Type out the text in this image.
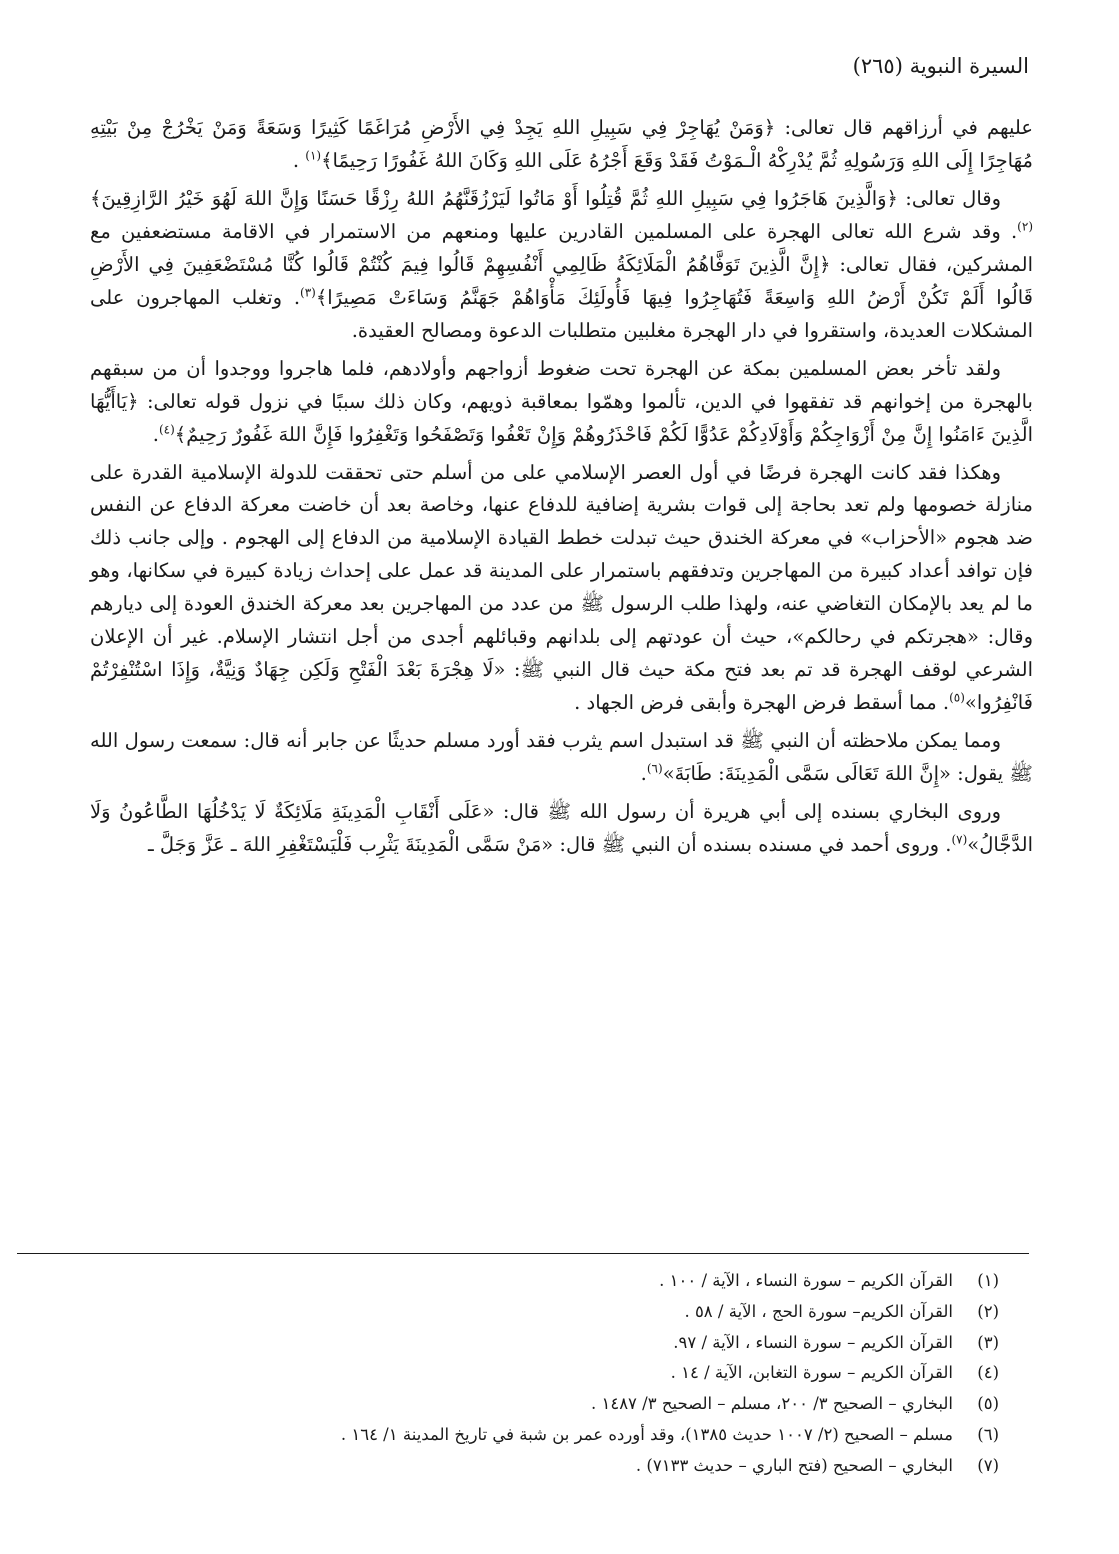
السيرة النبوية (٢٦٥)

عليهم في أرزاقهم قال تعالى: ﴿وَمَنْ يُهَاجِرْ فِي سَبِيلِ اللهِ يَجِدْ فِي الأَرْضِ مُرَاغَمًا كَثِيرًا وَسَعَةً وَمَنْ يَخْرُجْ مِنْ بَيْتِهِ مُهَاجِرًا إِلَى اللهِ وَرَسُولِهِ ثُمَّ يُدْرِكْهُ الْـمَوْتُ فَقَدْ وَقَعَ أَجْرُهُ عَلَى اللهِ وَكَانَ اللهُ غَفُورًا رَحِيمًا﴾$^{(١)}$ .

وقال تعالى: ﴿وَالَّذِينَ هَاجَرُوا فِي سَبِيلِ اللهِ ثُمَّ قُتِلُوا أَوْ مَاتُوا لَيَرْزُقَنَّهُمُ اللهُ رِزْقًا حَسَنًا وَإِنَّ اللهَ لَهُوَ خَيْرُ الرَّازِقِينَ﴾$^{(٢)}$. وقد شرع الله تعالى الهجرة على المسلمين القادرين عليها ومنعهم من الاستمرار في الاقامة مستضعفين مع المشركين، فقال تعالى: ﴿إِنَّ الَّذِينَ تَوَفَّاهُمُ الْمَلَائِكَةُ ظَالِمِي أَنْفُسِهِمْ قَالُوا فِيمَ كُنْتُمْ قَالُوا كُنَّا مُسْتَضْعَفِينَ فِي الأَرْضِ قَالُوا أَلَمْ تَكُنْ أَرْضُ اللهِ وَاسِعَةً فَتُهَاجِرُوا فِيهَا فَأُولَئِكَ مَأْوَاهُمْ جَهَنَّمُ وَسَاءَتْ مَصِيرًا﴾$^{(٣)}$. وتغلب المهاجرون على المشكلات العديدة، واستقروا في دار الهجرة مغلبين متطلبات الدعوة ومصالح العقيدة.

ولقد تأخر بعض المسلمين بمكة عن الهجرة تحت ضغوط أزواجهم وأولادهم، فلما هاجروا ووجدوا أن من سبقهم بالهجرة من إخوانهم قد تفقهوا في الدين، تألموا وهمّوا بمعاقبة ذويهم، وكان ذلك سببًا في نزول قوله تعالى: ﴿يَاأَيُّهَا الَّذِينَ ءَامَنُوا إِنَّ مِنْ أَزْوَاجِكُمْ وَأَوْلَادِكُمْ عَدُوًّا لَكُمْ فَاحْذَرُوهُمْ وَإِنْ تَعْفُوا وَتَصْفَحُوا وَتَغْفِرُوا فَإِنَّ اللهَ غَفُورٌ رَحِيمٌ﴾$^{(٤)}$.

وهكذا فقد كانت الهجرة فرضًا في أول العصر الإسلامي على من أسلم حتى تحققت للدولة الإسلامية القدرة على منازلة خصومها ولم تعد بحاجة إلى قوات بشرية إضافية للدفاع عنها، وخاصة بعد أن خاضت معركة الدفاع عن النفس ضد هجوم «الأحزاب» في معركة الخندق حيث تبدلت خطط القيادة الإسلامية من الدفاع إلى الهجوم . وإلى جانب ذلك فإن توافد أعداد كبيرة من المهاجرين وتدفقهم باستمرار على المدينة قد عمل على إحداث زيادة كبيرة في سكانها، وهو ما لم يعد بالإمكان التغاضي عنه، ولهذا طلب الرسول ﷺ من عدد من المهاجرين بعد معركة الخندق العودة إلى ديارهم وقال: «هجرتكم في رحالكم»، حيث أن عودتهم إلى بلدانهم وقبائلهم أجدى من أجل انتشار الإسلام. غير أن الإعلان الشرعي لوقف الهجرة قد تم بعد فتح مكة حيث قال النبي ﷺ: «لَا هِجْرَةَ بَعْدَ الْفَتْحِ وَلَكِن جِهَادٌ وَنِيَّةٌ، وَإِذَا اسْتُنْفِرْتُمْ فَانْفِرُوا»$^{(٥)}$. مما أسقط فرض الهجرة وأبقى فرض الجهاد .

ومما يمكن ملاحظته أن النبي ﷺ قد استبدل اسم يثرب فقد أورد مسلم حديثًا عن جابر أنه قال: سمعت رسول الله ﷺ يقول: «إِنَّ اللهَ تَعَالَى سَمَّى الْمَدِينَةَ: طَابَةَ»$^{(٦)}$.

وروى البخاري بسنده إلى أبي هريرة أن رسول الله ﷺ قال: «عَلَى أَنْقَابِ الْمَدِينَةِ مَلَائِكَةٌ لَا يَدْخُلُهَا الطَّاعُونُ وَلَا الدَّجَّالُ»$^{(٧)}$. وروى أحمد في مسنده بسنده أن النبي ﷺ قال: «مَنْ سَمَّى الْمَدِينَةَ يَثْرِب فَلْيَسْتَغْفِرِ اللهَ ـ عَزَّ وَجَلَّ ـ

(١)
القرآن الكريم – سورة النساء ، الآية / ١٠٠ .
(٢)
القرآن الكريم– سورة الحج ، الآية / ٥٨ .
(٣)
القرآن الكريم – سورة النساء ، الآية / ٩٧.
(٤)
القرآن الكريم – سورة التغابن، الآية / ١٤ .
(٥)
البخاري – الصحيح ٣/ ٢٠٠، مسلم – الصحيح ٣/ ١٤٨٧ .
(٦)
مسلم – الصحيح (٢/ ١٠٠٧ حديث ١٣٨٥)، وقد أورده عمر بن شبة في تاريخ المدينة ١/ ١٦٤ .
(٧)
البخاري – الصحيح (فتح الباري – حديث ٧١٣٣) .
